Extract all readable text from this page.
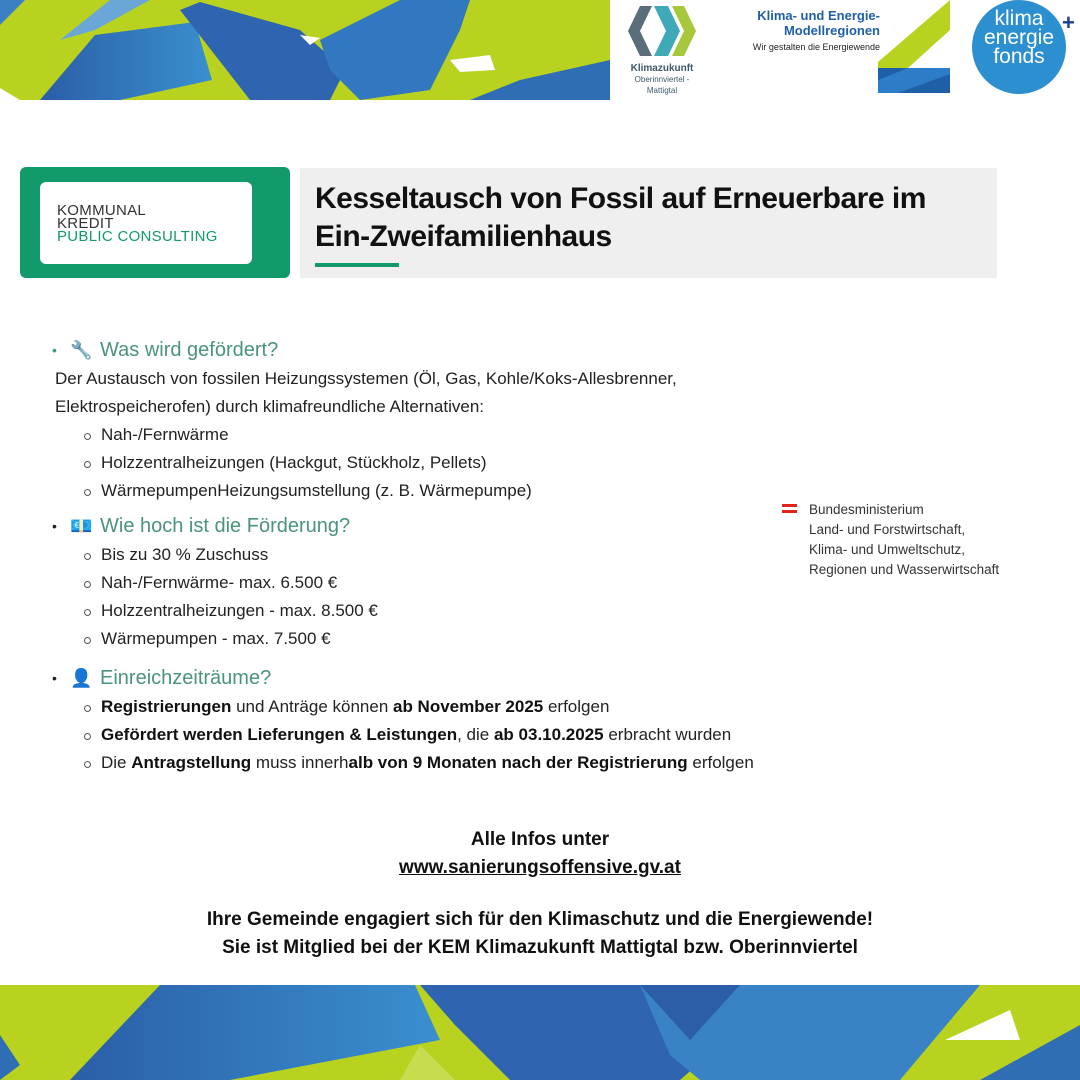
Klimazukunft
Oberinnviertel -
Mattigtal
Klima- und Energie-
Modellregionen
Wir gestalten die Energiewende
klima
energie
fonds
+
KOMMUNAL
KREDIT
PUBLIC CONSULTING
Kesseltausch von Fossil auf Erneuerbare im
Ein-Zweifamilienhaus
• 🔧 Was wird gefördert?
Der Austausch von fossilen Heizungssystemen (Öl, Gas, Kohle/Koks-Allesbrenner,
Elektrospeicherofen) durch klimafreundliche Alternativen:
Nah-/Fernwärme
Holzzentralheizungen (Hackgut, Stückholz, Pellets)
WärmepumpenHeizungsumstellung (z. B. Wärmepumpe)
• 💶 Wie hoch ist die Förderung?
Bis zu 30 % Zuschuss
Nah-/Fernwärme- max. 6.500 €
Holzzentralheizungen - max. 8.500 €
Wärmepumpen - max. 7.500 €
• 👤 Einreichzeiträume?
Registrierungen und Anträge können ab November 2025 erfolgen
Gefördert werden Lieferungen & Leistungen, die ab 03.10.2025 erbracht wurden
Die Antragstellung muss innerhalb von 9 Monaten nach der Registrierung erfolgen
Bundesministerium
Land- und Forstwirtschaft,
Klima- und Umweltschutz,
Regionen und Wasserwirtschaft
Alle Infos unter
www.sanierungsoffensive.gv.at
Ihre Gemeinde engagiert sich für den Klimaschutz und die Energiewende!
Sie ist Mitglied bei der KEM Klimazukunft Mattigtal bzw. Oberinnviertel
